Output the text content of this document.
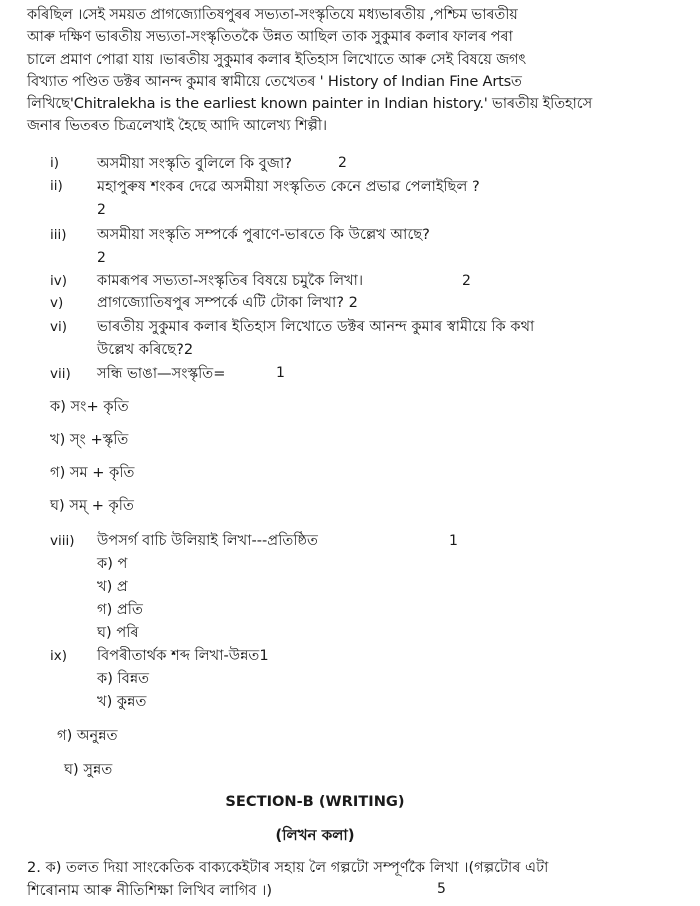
কৰিছিল ।সেই সময়ত প্ৰাগজ্যোতিষপুৰৰ সভ্যতা-সংস্কৃতিযে মধ্যভাৰতীয় ,পশ্চিম ভাৰতীয়
আৰু দক্ষিণ ভাৰতীয় সভ্যতা-সংস্কৃতিতকৈ উন্নত আছিল তাক সুকুমাৰ কলাৰ ফালৰ পৰা
চালে প্ৰমাণ পোৱা যায় ।ভাৰতীয় সুকুমাৰ কলাৰ ইতিহাস লিখোতে আৰু সেই বিষয়ে জগৎ
বিখ্যাত পণ্ডিত ডক্টৰ আনন্দ কুমাৰ স্বামীয়ে তেখেতৰ ' History of Indian Fine Artsত
লিখিছে'Chitralekha is the earliest known painter in Indian history.' ভাৰতীয় ইতিহাসে
জনাৰ ভিতৰত চিত্ৰলেখাই হৈছে আদি আলেখ্য শিল্পী।
i)	অসমীয়া সংস্কৃতি বুলিলে কি বুজা?	2
ii) মহাপুৰুষ শংকৰ দেৱে অসমীয়া সংস্কৃতিত কেনে প্ৰভাৱ পেলাইছিল ?
2
iii) অসমীয়া সংস্কৃতি সম্পৰ্কে পুৰাণে-ভাৰতে কি উল্লেখ আছে?
2
iv) কামৰূপৰ সভ্যতা-সংস্কৃতিৰ বিষয়ে চমুকৈ লিখা।	2
v) প্ৰাগজ্যোতিষপুৰ সম্পৰ্কে এটি টোকা লিখা? 2
vi) ভাৰতীয় সুকুমাৰ কলাৰ ইতিহাস লিখোতে ডক্টৰ আনন্দ কুমাৰ স্বামীয়ে কি কথা
উল্লেখ কৰিছে?2
vii) সন্ধি ভাঙা—সংস্কৃতি=	1
ক) সং+ কৃতি
খ) স্ং +স্কৃতি
গ) সম + কৃতি
ঘ) সম্ + কৃতি
viii) উপসৰ্গ বাচি উলিয়াই লিখা---প্ৰতিষ্ঠিত	1
ক) প
খ) প্ৰ
গ) প্ৰতি
ঘ) পৰি
ix) বিপৰীতাৰ্থক শব্দ লিখা-উন্নত1
ক) বিন্নত
খ) কুন্নত
গ) অনুন্নত
ঘ) সুন্নত
SECTION-B (WRITING)
(লিখন কলা)
2. ক) তলত দিয়া সাংকেতিক বাক্যকেইটাৰ সহায় লৈ গল্পটো সম্পূৰ্ণকৈ লিখা ।(গল্পটোৰ এটা
শিৰোনাম আৰু নীতিশিক্ষা লিখিব লাগিব ।)	5
